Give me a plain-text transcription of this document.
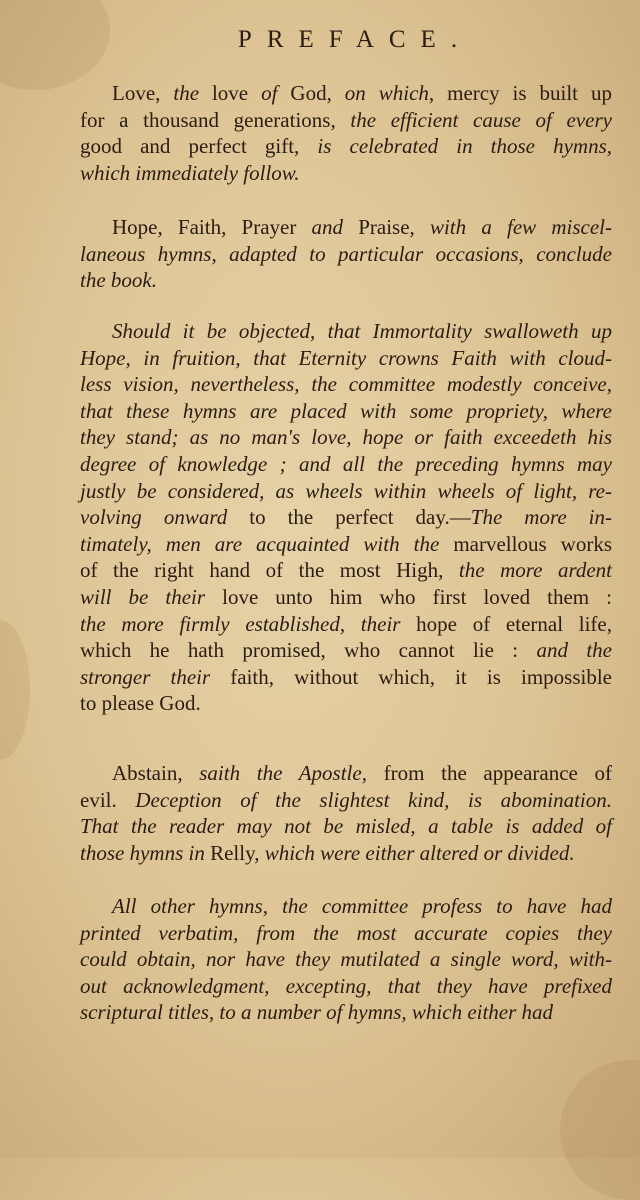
PREFACE.
Love, the love of God, on which, mercy is built up
for a thousand generations, the efficient cause of every
good and perfect gift, is celebrated in those hymns,
which immediately follow.
Hope, Faith, Prayer and Praise, with a few miscel-
laneous hymns, adapted to particular occasions, conclude
the book.
Should it be objected, that Immortality swalloweth up
Hope, in fruition, that Eternity crowns Faith with cloud-
less vision, nevertheless, the committee modestly conceive,
that these hymns are placed with some propriety, where
they stand; as no man's love, hope or faith exceedeth his
degree of knowledge ; and all the preceding hymns may
justly be considered, as wheels within wheels of light, re-
volving onward to the perfect day.—The more in-
timately, men are acquainted with the marvellous works
of the right hand of the most High, the more ardent
will be their love unto him who first loved them :
the more firmly established, their hope of eternal life,
which he hath promised, who cannot lie : and the
stronger their faith, without which, it is impossible
to please God.
Abstain, saith the Apostle, from the appearance of
evil. Deception of the slightest kind, is abomination.
That the reader may not be misled, a table is added of
those hymns in Relly, which were either altered or divided.
All other hymns, the committee profess to have had
printed verbatim, from the most accurate copies they
could obtain, nor have they mutilated a single word, with-
out acknowledgment, excepting, that they have prefixed
scriptural titles, to a number of hymns, which either had
